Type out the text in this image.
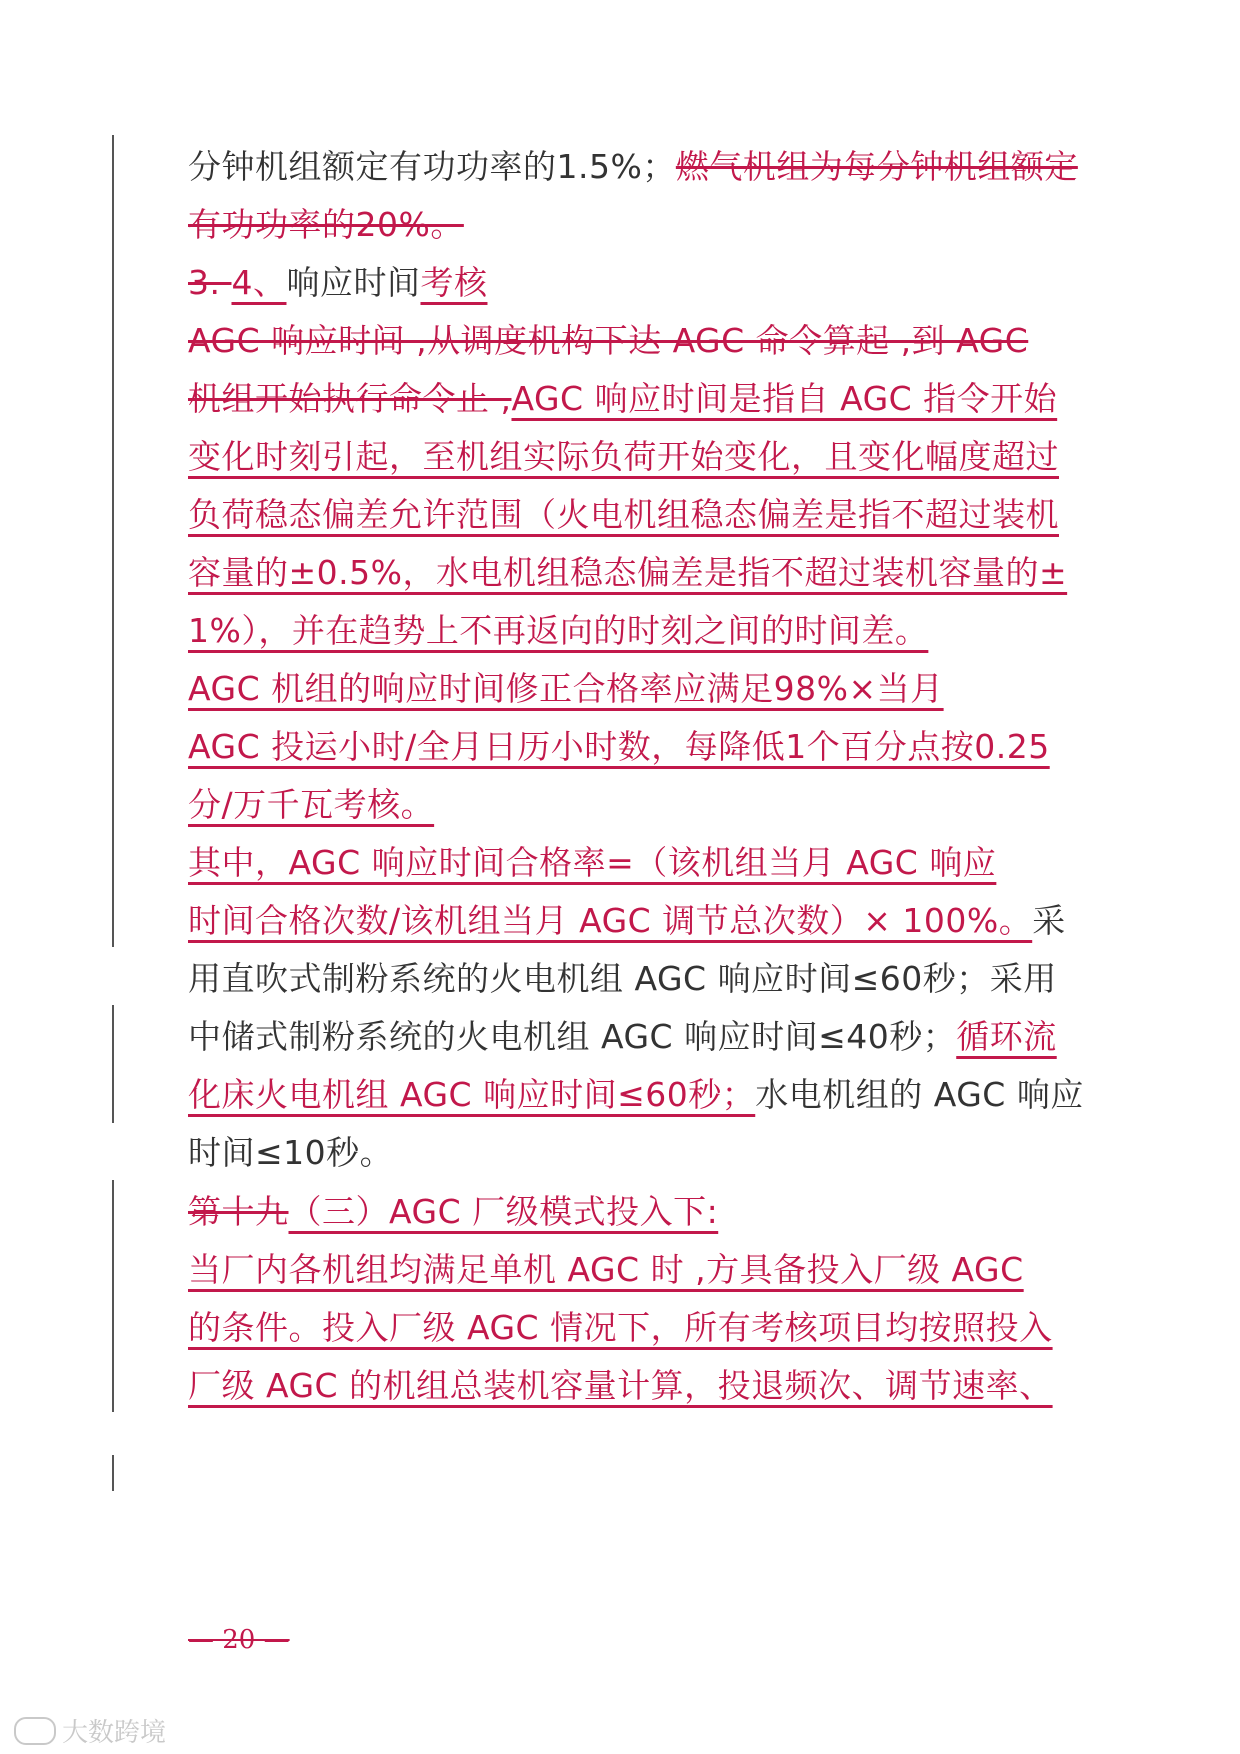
分钟机组额定有功功率的1.5%；燃气机组为每分钟机组额定
有功功率的20%。
3. 4、响应时间考核
AGC 响应时间 ,从调度机构下达 AGC 命令算起 ,到 AGC
机组开始执行命令止 ,AGC 响应时间是指自 AGC 指令开始
变化时刻引起，至机组实际负荷开始变化，且变化幅度超过
负荷稳态偏差允许范围（火电机组稳态偏差是指不超过装机
容量的±0.5%，水电机组稳态偏差是指不超过装机容量的±
1%），并在趋势上不再返向的时刻之间的时间差。
AGC 机组的响应时间修正合格率应满足98%×当月
AGC 投运小时/全月日历小时数，每降低1个百分点按0.25
分/万千瓦考核。
其中，AGC 响应时间合格率=（该机组当月 AGC 响应
时间合格次数/该机组当月 AGC 调节总次数）× 100%。采
用直吹式制粉系统的火电机组 AGC 响应时间≤60秒；采用
中储式制粉系统的火电机组 AGC 响应时间≤40秒；循环流
化床火电机组 AGC 响应时间≤60秒；水电机组的 AGC 响应
时间≤10秒。
第十九（三）AGC 厂级模式投入下:
当厂内各机组均满足单机 AGC 时 ,方具备投入厂级 AGC
的条件。投入厂级 AGC 情况下，所有考核项目均按照投入
厂级 AGC 的机组总装机容量计算，投退频次、调节速率、
— 20 —
大数跨境
